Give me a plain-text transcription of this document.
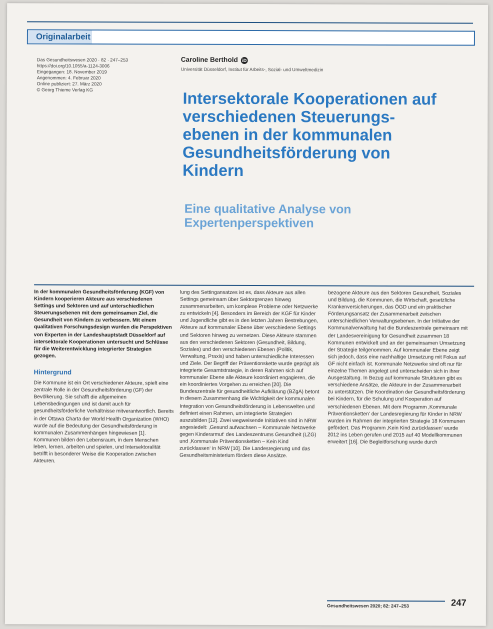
Originalarbeit
Das Gesundheitswesen 2020 · 82 · 247–253
https://doi.org/10.1055/a-1124-3006
Eingegangen: 18. November 2019
Angenommen: 4. Februar 2020
Online publiziert: 27. März 2020
© Georg Thieme Verlag KG
Caroline Berthold iD
Universität Düsseldorf, Institut für Arbeits-, Sozial- und Umweltmedizin
Intersektorale Kooperationen auf
verschiedenen Steuerungs-
ebenen in der kommunalen
Gesundheitsförderung von
Kindern
Eine qualitative Analyse von
Expertenperspektiven

In der kommunalen Gesundheitsförderung (KGF) von Kindern kooperieren Akteure aus verschiedenen Settings und Sektoren und auf unterschiedlichen Steuerungsebenen mit dem gemeinsamen Ziel, die Gesundheit von Kindern zu verbessern. Mit einem qualitativen Forschungsdesign wurden die Perspektiven von Experten in der Landeshauptstadt Düsseldorf auf intersektorale Kooperationen untersucht und Schlüsse für die Weiterentwicklung integrierter Strategien gezogen.

Hintergrund

Die Kommune ist ein Ort verschiedener Akteure, spielt eine zentrale Rolle in der Gesundheitsförderung (GF) der Bevölkerung. Sie schafft die allgemeinen Lebensbedingungen und ist damit auch für gesundheitsförderliche Verhältnisse mitverantwortlich. Bereits in der Ottawa Charta der World Health Organization (WHO) wurde auf die Bedeutung der Gesundheitsförderung in kommunalen Zusammenhängen hingewiesen [1]. Kommunen bilden den Lebensraum, in dem Menschen leben, lernen, arbeiten und spielen, und Intersektoralität betrifft in besonderer Weise die Kooperation zwischen Akteuren.

lung des Settingansatzes ist es, dass Akteure aus allen Settings gemeinsam über Sektorgrenzen hinweg zusammenarbeiten, um komplexe Probleme oder Netzwerke zu entwickeln [4]. Besonders im Bereich der KGF für Kinder und Jugendliche gibt es in den letzten Jahren Bestrebungen, Akteure auf kommunaler Ebene über verschiedene Settings und Sektoren hinweg zu vernetzen. Diese Akteure stammen aus den verschiedenen Sektoren (Gesundheit, Bildung, Soziales) und den verschiedenen Ebenen (Politik, Verwaltung, Praxis) und haben unterschiedliche Interessen und Ziele. Der Begriff der Präventionskette wurde geprägt als integrierte Gesamtstrategie, in deren Rahmen sich auf kommunaler Ebene alle Akteure koordiniert engagieren, die ein koordiniertes Vorgehen zu erreichen [20]. Die Bundeszentrale für gesundheitliche Aufklärung (BZgA) betont in diesem Zusammenhang die Wichtigkeit der kommunalen Integration von Gesundheitsförderung in Lebenswelten und definiert einen Rahmen, um integrierte Strategien auszubilden [12]. Zwei wegweisende Initiativen sind in NRW angesiedelt: ‚Gesund aufwachsen – Kommunale Netzwerke gegen Kinderarmut‘ des Landeszentrums Gesundheit (LZG) und ‚Kommunale Präventionsketten – Kein Kind zurücklassen‘ in NRW [10]. Die Landesregierung und das Gesundheitsministerium fördern diese Ansätze.

bezogene Akteure aus den Sektoren Gesundheit, Soziales und Bildung, die Kommunen, die Wirtschaft, gesetzliche Krankenversicherungen, das ÖGD und ein praktischer Förderungsansatz der Zusammenarbeit zwischen unterschiedlichen Verwaltungsebenen. In der Initiative der Kommunalverwaltung hat die Bundeszentrale gemeinsam mit der Landesvereinigung für Gesundheit zusammen 18 Kommunen entwickelt und an der gemeinsamen Umsetzung der Strategie teilgenommen. Auf kommunaler Ebene zeigt sich jedoch, dass eine nachhaltige Umsetzung mit Fokus auf GF nicht einfach ist. Kommunale Netzwerke sind oft nur für einzelne Themen angelegt und unterscheiden sich in ihrer Ausgestaltung. In Bezug auf kommunale Strukturen gibt es verschiedene Ansätze, die Akteure in der Zusammenarbeit zu unterstützen. Die Koordination der Gesundheitsförderung bei Kindern, für die Schulung und Kooperation auf verschiedenen Ebenen. Mit dem Programm ‚Kommunale Präventionsketten‘ der Landesregierung für Kinder in NRW wurden im Rahmen der integrierten Strategie 18 Kommunen gefördert. Das Programm ‚Kein Kind zurücklassen‘ wurde 2012 ins Leben gerufen und 2015 auf 40 Modellkommunen erweitert [16]. Die Begleitforschung wurde durch

Gesundheitswesen 2020; 82: 247–253	247
